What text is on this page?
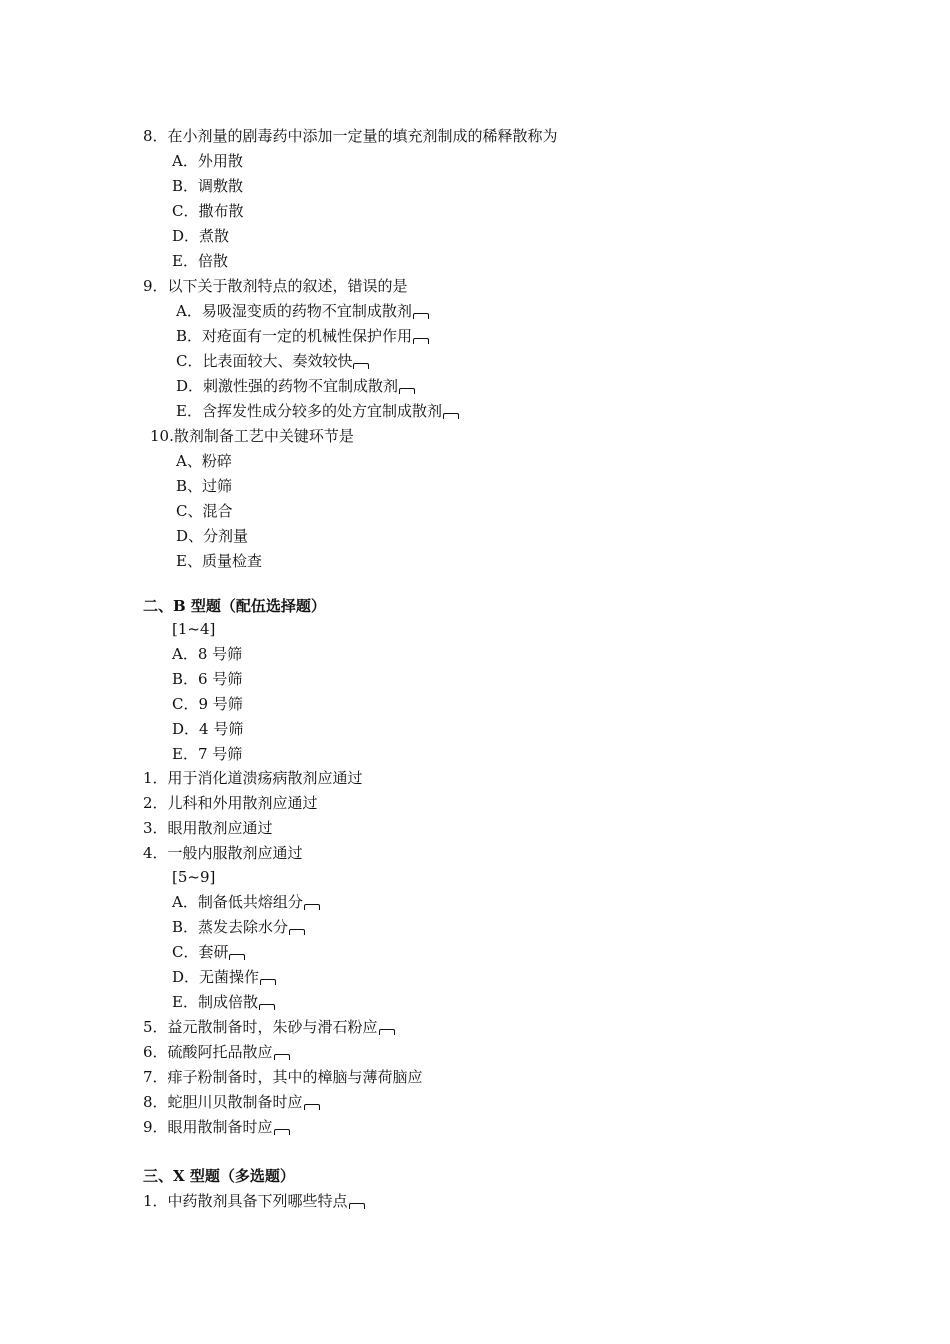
8．在小剂量的剧毒药中添加一定量的填充剂制成的稀释散称为
A．外用散
B．调敷散
C．撒布散
D．煮散
E．倍散
9．以下关于散剂特点的叙述，错误的是
A．易吸湿变质的药物不宜制成散剂
B．对疮面有一定的机械性保护作用
C．比表面较大、奏效较快
D．刺激性强的药物不宜制成散剂
E．含挥发性成分较多的处方宜制成散剂
10.散剂制备工艺中关键环节是
A、粉碎
B、过筛
C、混合
D、分剂量
E、质量检查
二、B 型题（配伍选择题）
[1~4]
A．8 号筛
B．6 号筛
C．9 号筛
D．4 号筛
E．7 号筛
1．用于消化道溃疡病散剂应通过
2．儿科和外用散剂应通过
3．眼用散剂应通过
4．一般内服散剂应通过
[5~9]
A．制备低共熔组分
B．蒸发去除水分
C．套研
D．无菌操作
E．制成倍散
5．益元散制备时，朱砂与滑石粉应
6．硫酸阿托品散应
7．痱子粉制备时，其中的樟脑与薄荷脑应
8．蛇胆川贝散制备时应
9．眼用散制备时应
三、X 型题（多选题）
1．中药散剂具备下列哪些特点
